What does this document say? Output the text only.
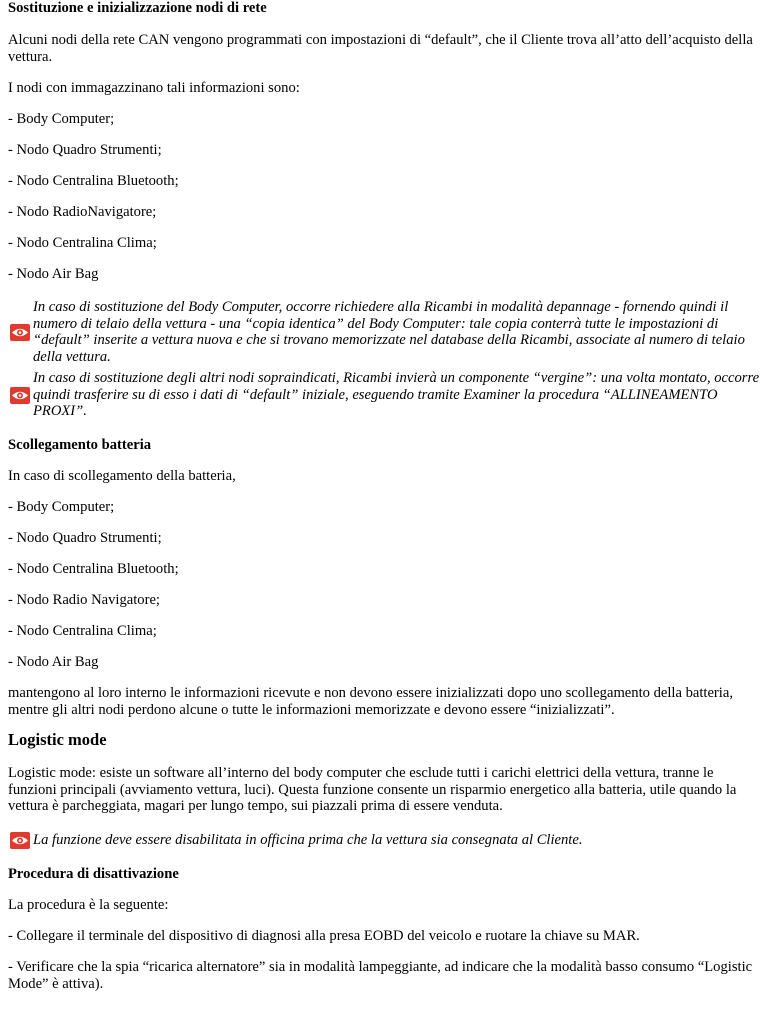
Sostituzione e inizializzazione nodi di rete

Alcuni nodi della rete CAN vengono programmati con impostazioni di “default”, che il Cliente trova all’atto dell’acquisto della vettura.

I nodi con immagazzinano tali informazioni sono:

- Body Computer;

- Nodo Quadro Strumenti;

- Nodo Centralina Bluetooth;

- Nodo RadioNavigatore;

- Nodo Centralina Clima;

- Nodo Air Bag

In caso di sostituzione del Body Computer, occorre richiedere alla Ricambi in modalità depannage - fornendo quindi il numero di telaio della vettura - una “copia identica” del Body Computer: tale copia conterrà tutte le impostazioni di “default” inserite a vettura nuova e che si trovano memorizzate nel database della Ricambi, associate al numero di telaio della vettura.

In caso di sostituzione degli altri nodi sopraindicati, Ricambi invierà un componente “vergine”: una volta montato, occorre quindi trasferire su di esso i dati di “default” iniziale, eseguendo tramite Examiner la procedura “ALLINEAMENTO PROXI”.

Scollegamento batteria

In caso di scollegamento della batteria,

- Body Computer;

- Nodo Quadro Strumenti;

- Nodo Centralina Bluetooth;

- Nodo Radio Navigatore;

- Nodo Centralina Clima;

- Nodo Air Bag

mantengono al loro interno le informazioni ricevute e non devono essere inizializzati dopo uno scollegamento della batteria, mentre gli altri nodi perdono alcune o tutte le informazioni memorizzate e devono essere “inizializzati”.

Logistic mode

Logistic mode: esiste un software all’interno del body computer che esclude tutti i carichi elettrici della vettura, tranne le funzioni principali (avviamento vettura, luci). Questa funzione consente un risparmio energetico alla batteria, utile quando la vettura è parcheggiata, magari per lungo tempo, sui piazzali prima di essere venduta.

La funzione deve essere disabilitata in officina prima che la vettura sia consegnata al Cliente.

Procedura di disattivazione

La procedura è la seguente:

- Collegare il terminale del dispositivo di diagnosi alla presa EOBD del veicolo e ruotare la chiave su MAR.

- Verificare che la spia “ricarica alternatore” sia in modalità lampeggiante, ad indicare che la modalità basso consumo “Logistic Mode” è attiva).
